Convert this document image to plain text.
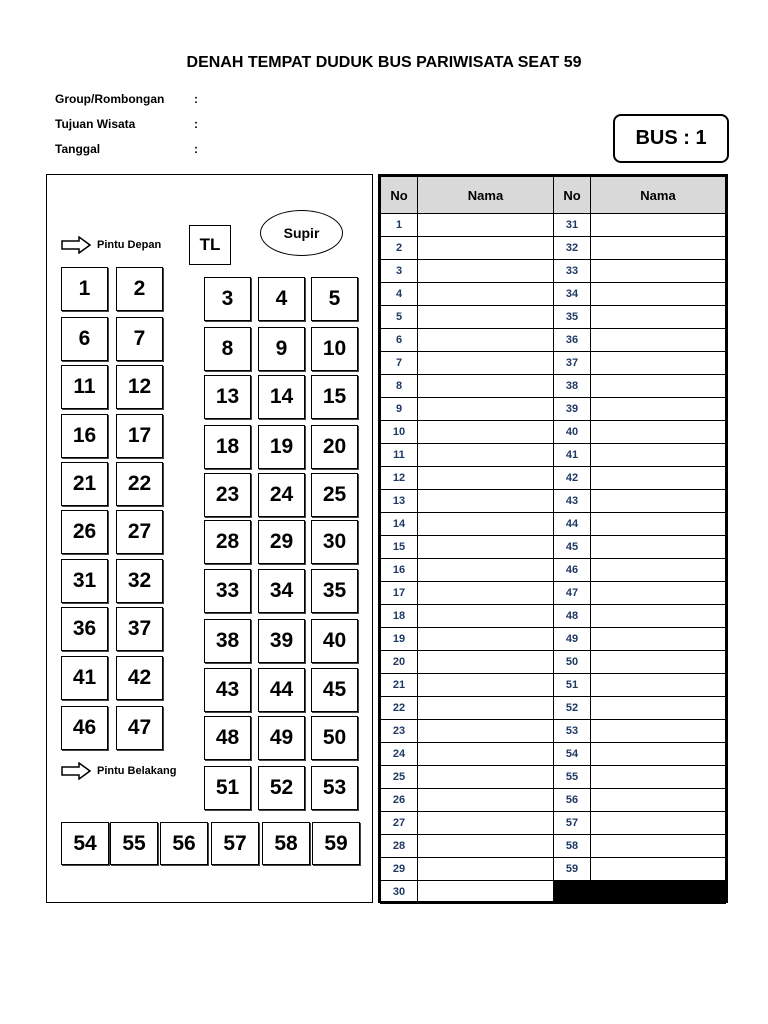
DENAH TEMPAT DUDUK BUS PARIWISATA SEAT 59
Group/Rombongan :
Tujuan Wisata	:
Tanggal	:	BUS : 1
Pintu Depan
Pintu Belakang
TL
Supir
1	2
6	7
11	12
16	17
21	22
26	27
31	32
36	37
41	42
46	47
3	4	5
8	9	10
13	14	15
18	19	20
23	24	25
28	29	30
33	34	35
38	39	40
43	44	45
48	49	50
51	52	53
54	55	56	57	58	59
No	Nama	No	Nama
1		31	
2		32	
3		33	
4		34	
5		35	
6		36	
7		37	
8		38	
9		39	
10		40	
11		41	
12		42	
13		43	
14		44	
15		45	
16		46	
17		47	
18		48	
19		49	
20		50	
21		51	
22		52	
23		53	
24		54	
25		55	
26		56	
27		57	
28		58	
29		59	
30			
